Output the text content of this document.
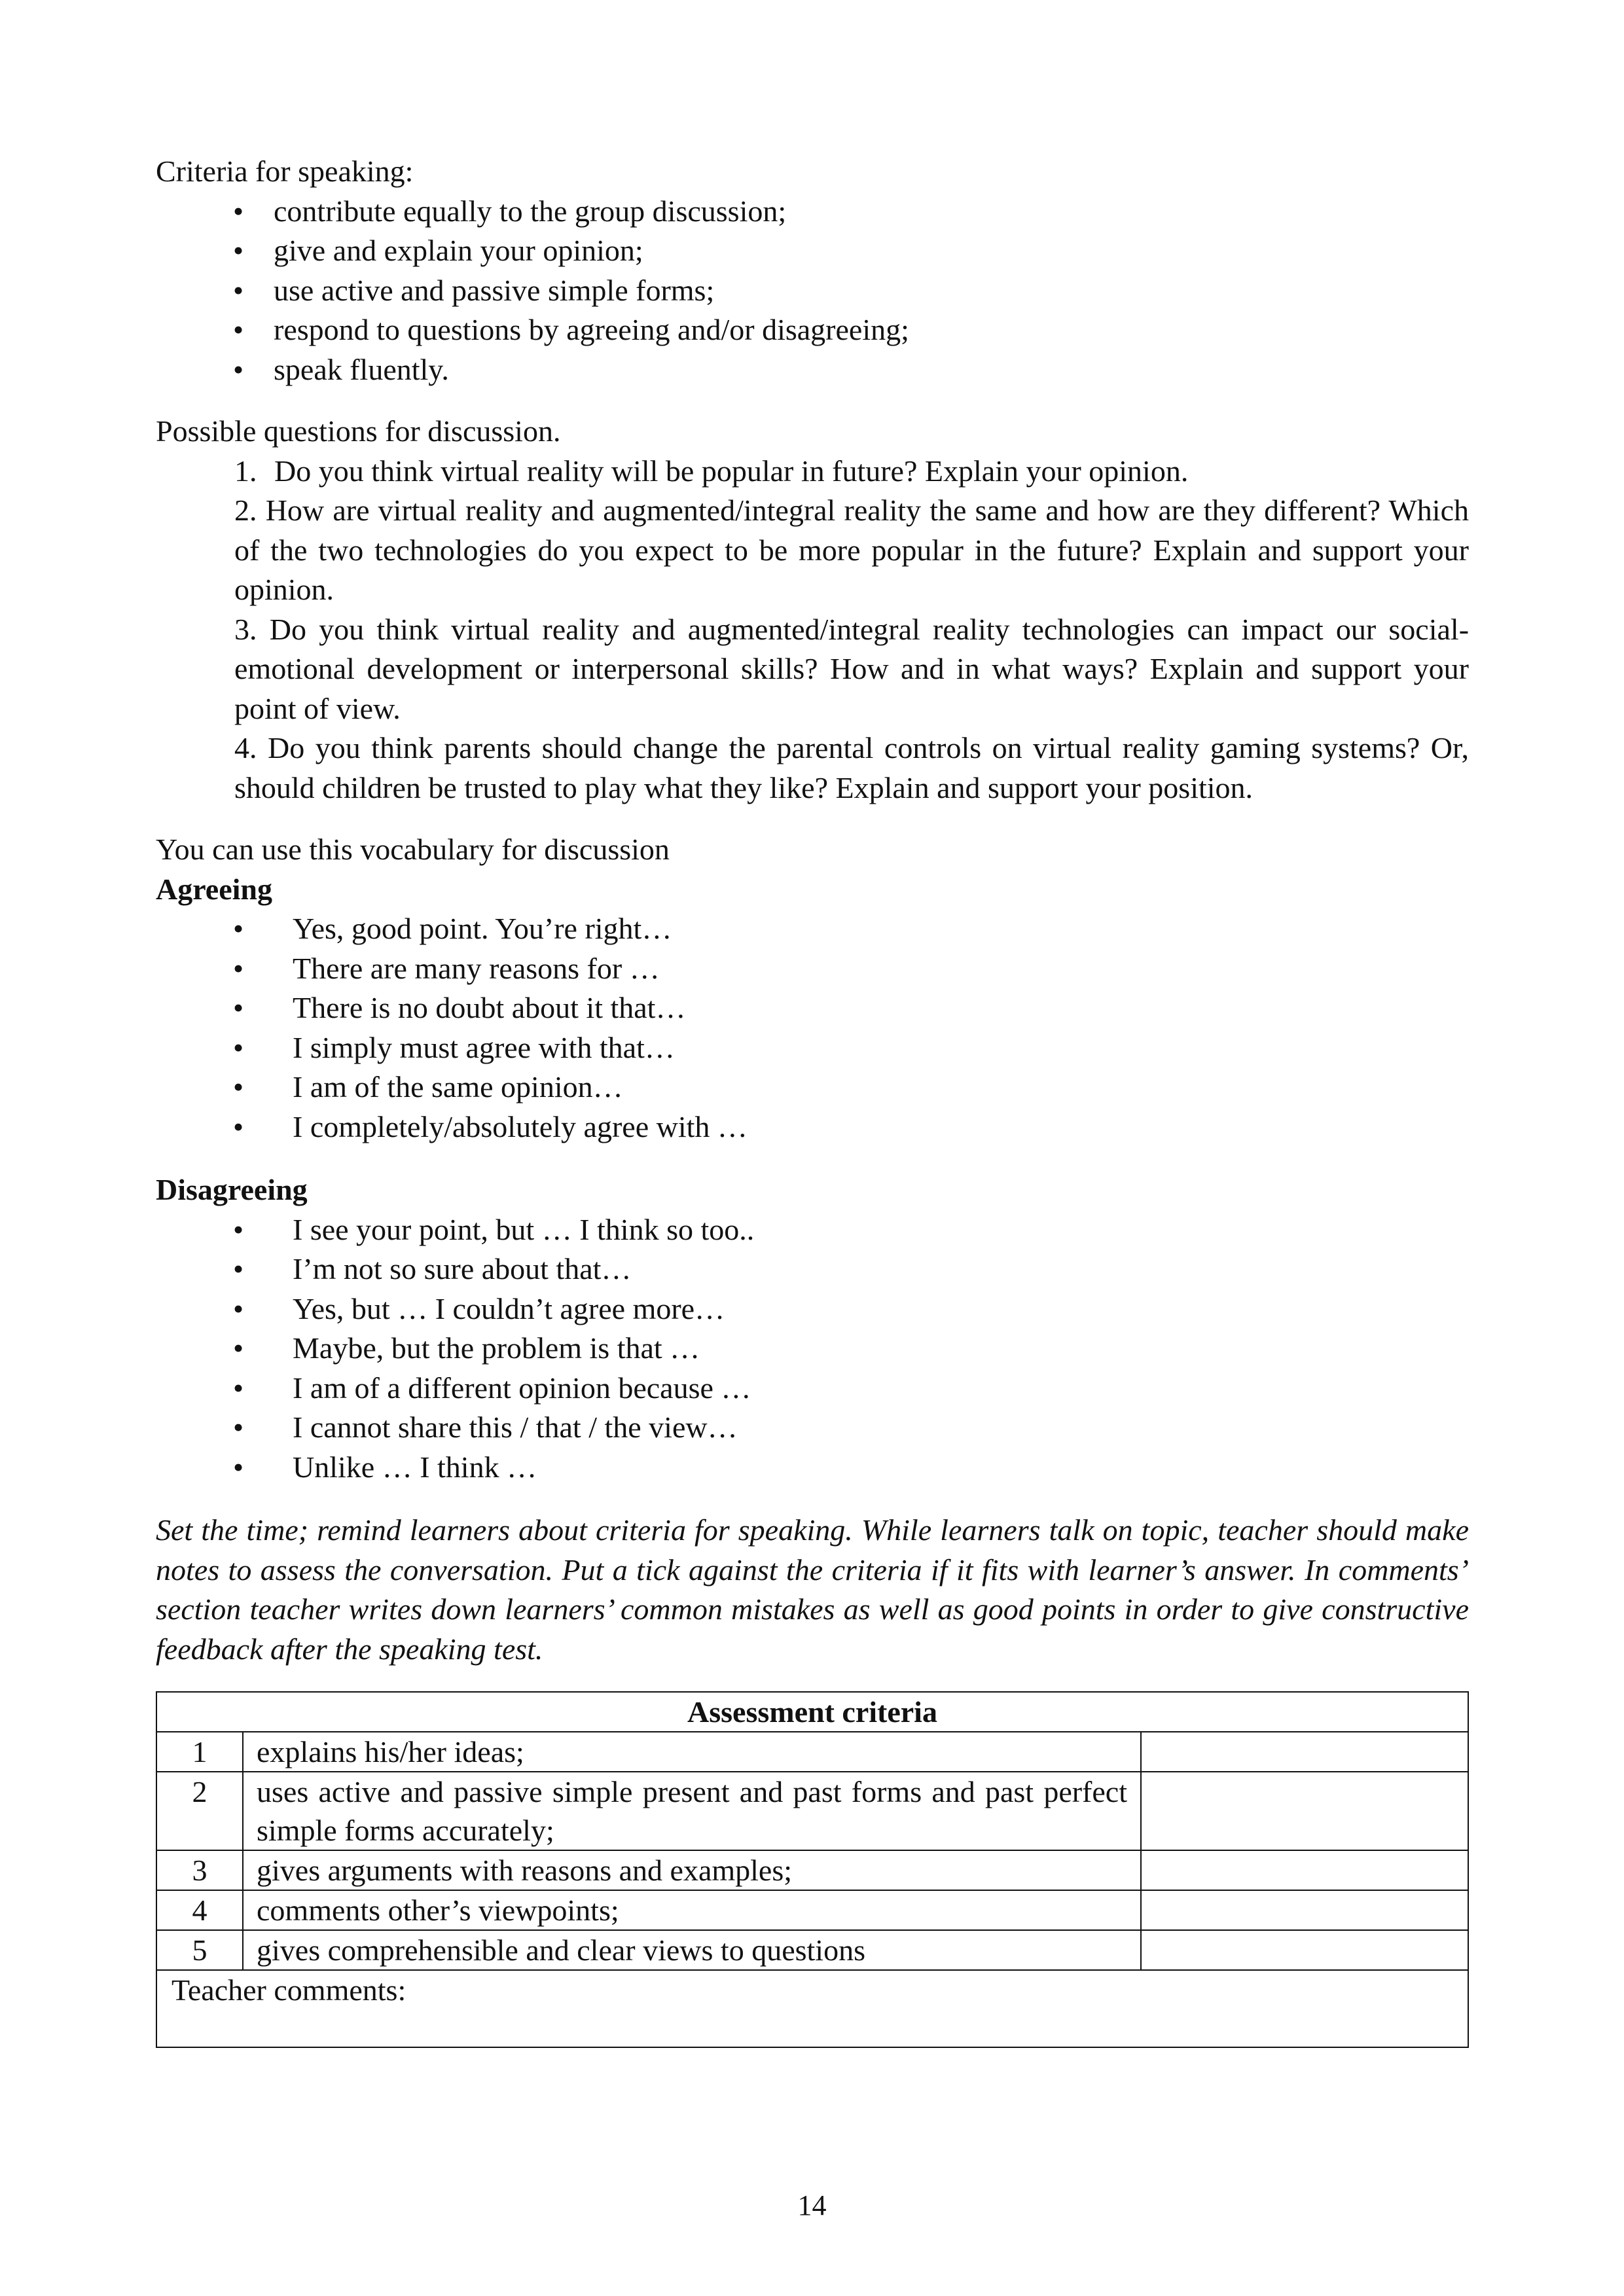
Criteria for speaking:

• contribute equally to the group discussion;
• give and explain your opinion;
• use active and passive simple forms;
• respond to questions by agreeing and/or disagreeing;
• speak fluently.

Possible questions for discussion.

1. Do you think virtual reality will be popular in future? Explain your opinion.

2. How are virtual reality and augmented/integral reality the same and how are they different? Which of the two technologies do you expect to be more popular in the future? Explain and support your opinion.

3. Do you think virtual reality and augmented/integral reality technologies can impact our social-emotional development or interpersonal skills? How and in what ways? Explain and support your point of view.

4. Do you think parents should change the parental controls on virtual reality gaming systems? Or, should children be trusted to play what they like? Explain and support your position.

You can use this vocabulary for discussion

Agreeing

• Yes, good point. You’re right…
• There are many reasons for …
• There is no doubt about it that…
• I simply must agree with that…
• I am of the same opinion…
• I completely/absolutely agree with …

Disagreeing

• I see your point, but … I think so too..
• I’m not so sure about that…
• Yes, but … I couldn’t agree more…
• Maybe, but the problem is that …
• I am of a different opinion because …
• I cannot share this / that / the view…
• Unlike … I think …

Set the time; remind learners about criteria for speaking. While learners talk on topic, teacher should make notes to assess the conversation. Put a tick against the criteria if it fits with learner’s answer. In comments’ section teacher writes down learners’ common mistakes as well as good points in order to give constructive feedback after the speaking test.

Assessment criteria		
1	explains his/her ideas;	
2	uses active and passive simple present and past forms and past perfect simple forms accurately;	
3	gives arguments with reasons and examples;	
4	comments other’s viewpoints;	
5	gives comprehensible and clear views to questions	
Teacher comments:		
14
